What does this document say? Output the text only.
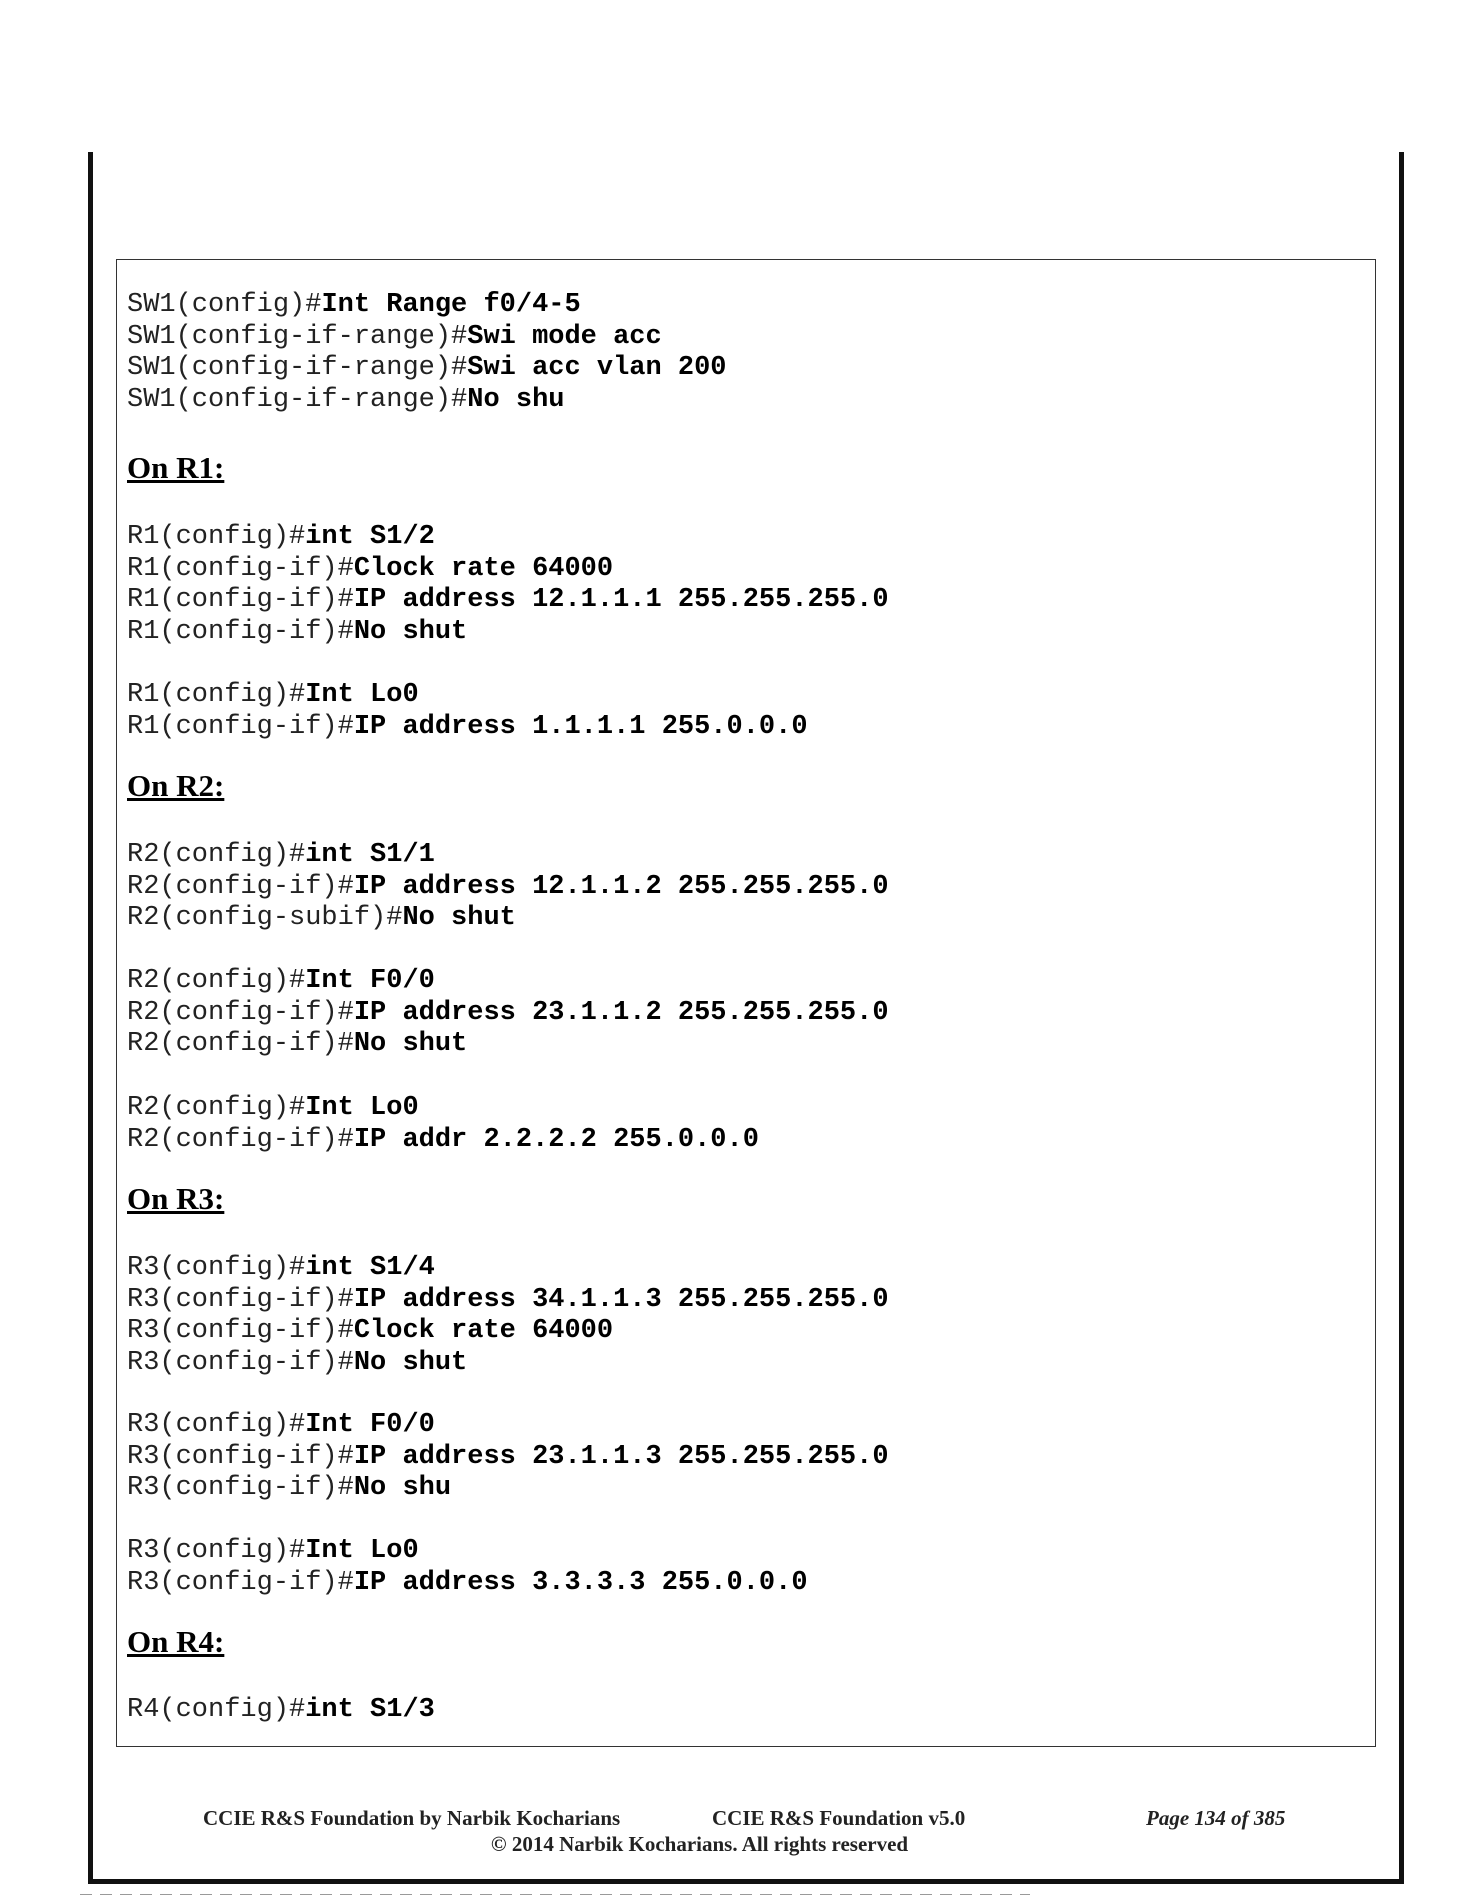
SW1(config)#Int Range f0/4-5
SW1(config-if-range)#Swi mode acc
SW1(config-if-range)#Swi acc vlan 200
SW1(config-if-range)#No shu
On R1:
R1(config)#int S1/2
R1(config-if)#Clock rate 64000
R1(config-if)#IP address 12.1.1.1 255.255.255.0
R1(config-if)#No shut
R1(config)#Int Lo0
R1(config-if)#IP address 1.1.1.1 255.0.0.0
On R2:
R2(config)#int S1/1
R2(config-if)#IP address 12.1.1.2 255.255.255.0
R2(config-subif)#No shut
R2(config)#Int F0/0
R2(config-if)#IP address 23.1.1.2 255.255.255.0
R2(config-if)#No shut
R2(config)#Int Lo0
R2(config-if)#IP addr 2.2.2.2 255.0.0.0
On R3:
R3(config)#int S1/4
R3(config-if)#IP address 34.1.1.3 255.255.255.0
R3(config-if)#Clock rate 64000
R3(config-if)#No shut
R3(config)#Int F0/0
R3(config-if)#IP address 23.1.1.3 255.255.255.0
R3(config-if)#No shu
R3(config)#Int Lo0
R3(config-if)#IP address 3.3.3.3 255.0.0.0
On R4:
R4(config)#int S1/3
CCIE R&S Foundation by Narbik Kocharians	CCIE R&S Foundation v5.0	Page 134 of 385
© 2014 Narbik Kocharians. All rights reserved
